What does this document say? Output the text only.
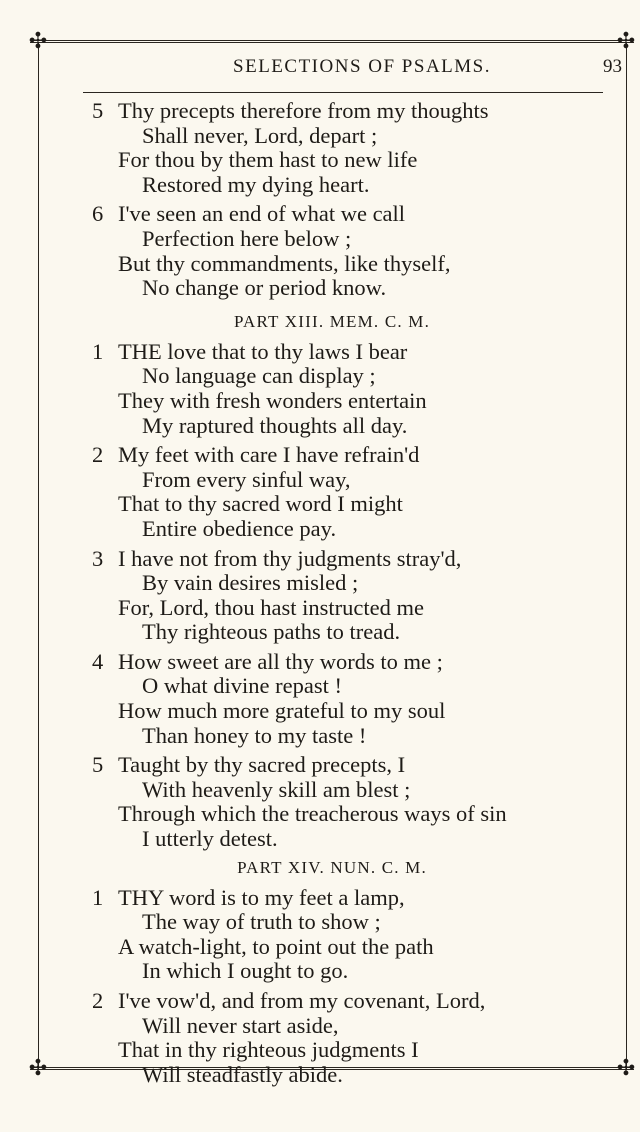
✣	✣
✣	✣
SELECTIONS OF PSALMS.	93
5 Thy precepts therefore from my thoughts
Shall never, Lord, depart ;
For thou by them hast to new life
Restored my dying heart.
6 I've seen an end of what we call
Perfection here below ;
But thy commandments, like thyself,
No change or period know.
PART XIII. MEM. C. M.
1 THE love that to thy laws I bear
No language can display ;
They with fresh wonders entertain
My raptured thoughts all day.
2 My feet with care I have refrain'd
From every sinful way,
That to thy sacred word I might
Entire obedience pay.
3 I have not from thy judgments stray'd,
By vain desires misled ;
For, Lord, thou hast instructed me
Thy righteous paths to tread.
4 How sweet are all thy words to me ;
O what divine repast !
How much more grateful to my soul
Than honey to my taste !
5 Taught by thy sacred precepts, I
With heavenly skill am blest ;
Through which the treacherous ways of sin
I utterly detest.
PART XIV. NUN. C. M.
1 THY word is to my feet a lamp,
The way of truth to show ;
A watch-light, to point out the path
In which I ought to go.
2 I've vow'd, and from my covenant, Lord,
Will never start aside,
That in thy righteous judgments I
Will steadfastly abide.
